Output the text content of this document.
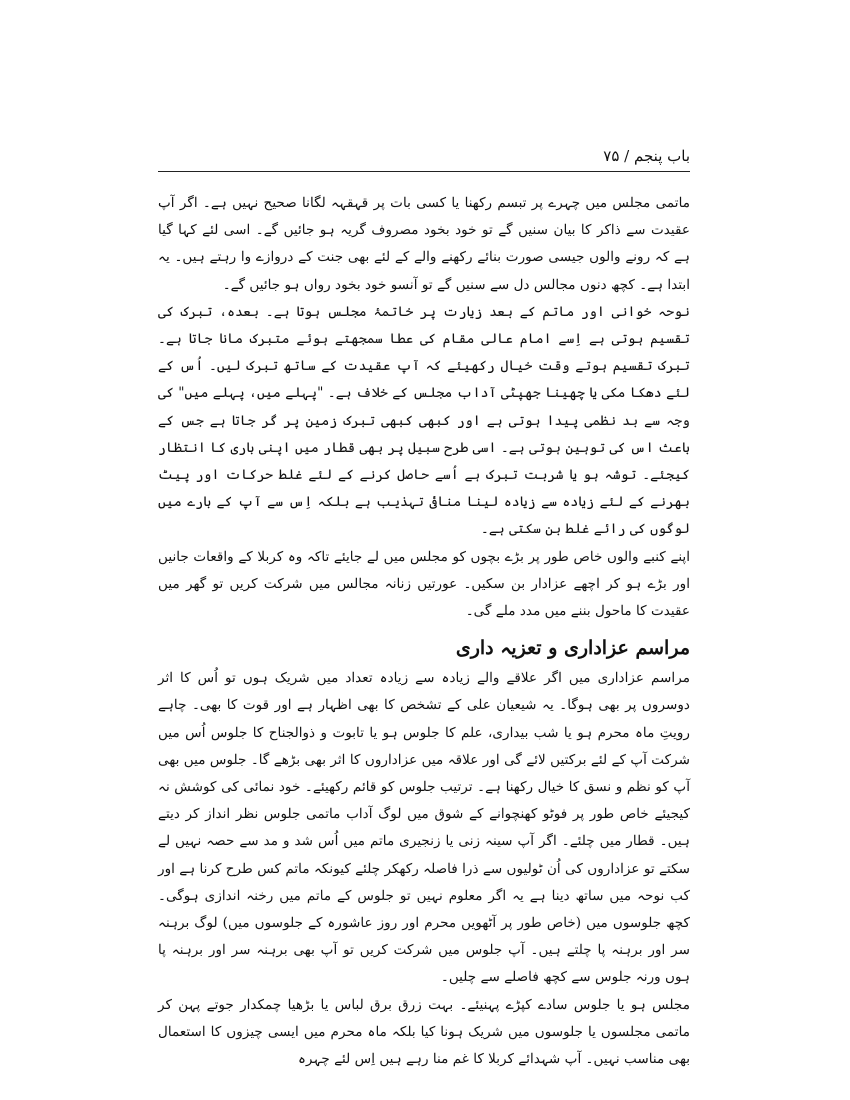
باب پنجم / ۷۵

ماتمی مجلس میں چہرے پر تبسم رکھنا یا کسی بات پر قہقہہ لگانا صحیح نہیں ہے۔ اگر آپ عقیدت سے ذاکر کا بیان سنیں گے تو خود بخود مصروف گریہ ہو جائیں گے۔ اسی لئے کہا گیا ہے کہ رونے والوں جیسی صورت بنائے رکھنے والے کے لئے بھی جنت کے دروازے وا رہتے ہیں۔ یہ ابتدا ہے۔ کچھ دنوں مجالس دل سے سنیں گے تو آنسو خود بخود رواں ہو جائیں گے۔

نوحہ خوانی اور ماتم کے بعد زیارت پر خاتمۂ مجلس ہوتا ہے۔ بعدہ، تبرک کی تقسیم ہوتی ہے اِسے امام عالی مقام کی عطا سمجھتے ہوئے متبرک مانا جاتا ہے۔ تبرک تقسیم ہوتے وقت خیال رکھیئے کہ آپ عقیدت کے ساتھ تبرک لیں۔ اُس کے لئے دھکا مکی یا چھینا جھپٹی آداب مجلس کے خلاف ہے۔ "پہلے میں، پہلے میں" کی وجہ سے بد نظمی پیدا ہوتی ہے اور کبھی کبھی تبرک زمین پر گر جاتا ہے جس کے باعث اس کی توہین ہوتی ہے۔ اسی طرح سبیل پر بھی قطار میں اپنی باری کا انتظار کیجئے۔ توشہ ہو یا شربت تبرک ہے اُسے حاصل کرنے کے لئے غلط حرکات اور پیٹ بھرنے کے لئے زیادہ سے زیادہ لینا منافیٔ تہذیب ہے بلکہ اِس سے آپ کے بارے میں لوگوں کی رائے غلط بن سکتی ہے۔

اپنے کنبے والوں خاص طور پر بڑے بچوں کو مجلس میں لے جایئے تاکہ وہ کربلا کے واقعات جانیں اور بڑے ہو کر اچھے عزادار بن سکیں۔ عورتیں زنانہ مجالس میں شرکت کریں تو گھر میں عقیدت کا ماحول بننے میں مدد ملے گی۔

مراسم عزاداری و تعزیہ داری

مراسم عزاداری میں اگر علاقے والے زیادہ سے زیادہ تعداد میں شریک ہوں تو اُس کا اثر دوسروں پر بھی ہوگا۔ یہ شیعیان علی کے تشخص کا بھی اظہار ہے اور قوت کا بھی۔ چاہے رویتِ ماہ محرم ہو یا شب بیداری، علم کا جلوس ہو یا تابوت و ذوالجناح کا جلوس اُس میں شرکت آپ کے لئے برکتیں لائے گی اور علاقہ میں عزاداروں کا اثر بھی بڑھے گا۔ جلوس میں بھی آپ کو نظم و نسق کا خیال رکھنا ہے۔ ترتیب جلوس کو قائم رکھیئے۔ خود نمائی کی کوشش نہ کیجیئے خاص طور پر فوٹو کھنچوانے کے شوق میں لوگ آداب ماتمی جلوس نظر انداز کر دیتے ہیں۔ قطار میں چلئے۔ اگر آپ سینہ زنی یا زنجیری ماتم میں اُس شد و مد سے حصہ نہیں لے سکتے تو عزاداروں کی اُن ٹولیوں سے ذرا فاصلہ رکھکر چلئے کیونکہ ماتم کس طرح کرنا ہے اور کب نوحہ میں ساتھ دینا ہے یہ اگر معلوم نہیں تو جلوس کے ماتم میں رخنہ اندازی ہوگی۔ کچھ جلوسوں میں (خاص طور پر آٹھویں محرم اور روز عاشورہ کے جلوسوں میں) لوگ برہنہ سر اور برہنہ پا چلتے ہیں۔ آپ جلوس میں شرکت کریں تو آپ بھی برہنہ سر اور برہنہ پا ہوں ورنہ جلوس سے کچھ فاصلے سے چلیں۔

مجلس ہو یا جلوس سادے کپڑے پہنیئے۔ بہت زرق برق لباس یا بڑھیا چمکدار جوتے پہن کر ماتمی مجلسوں یا جلوسوں میں شریک ہونا کیا بلکہ ماہ محرم میں ایسی چیزوں کا استعمال بھی مناسب نہیں۔ آپ شہدائے کربلا کا غم منا رہے ہیں اِس لئے چہرہ
